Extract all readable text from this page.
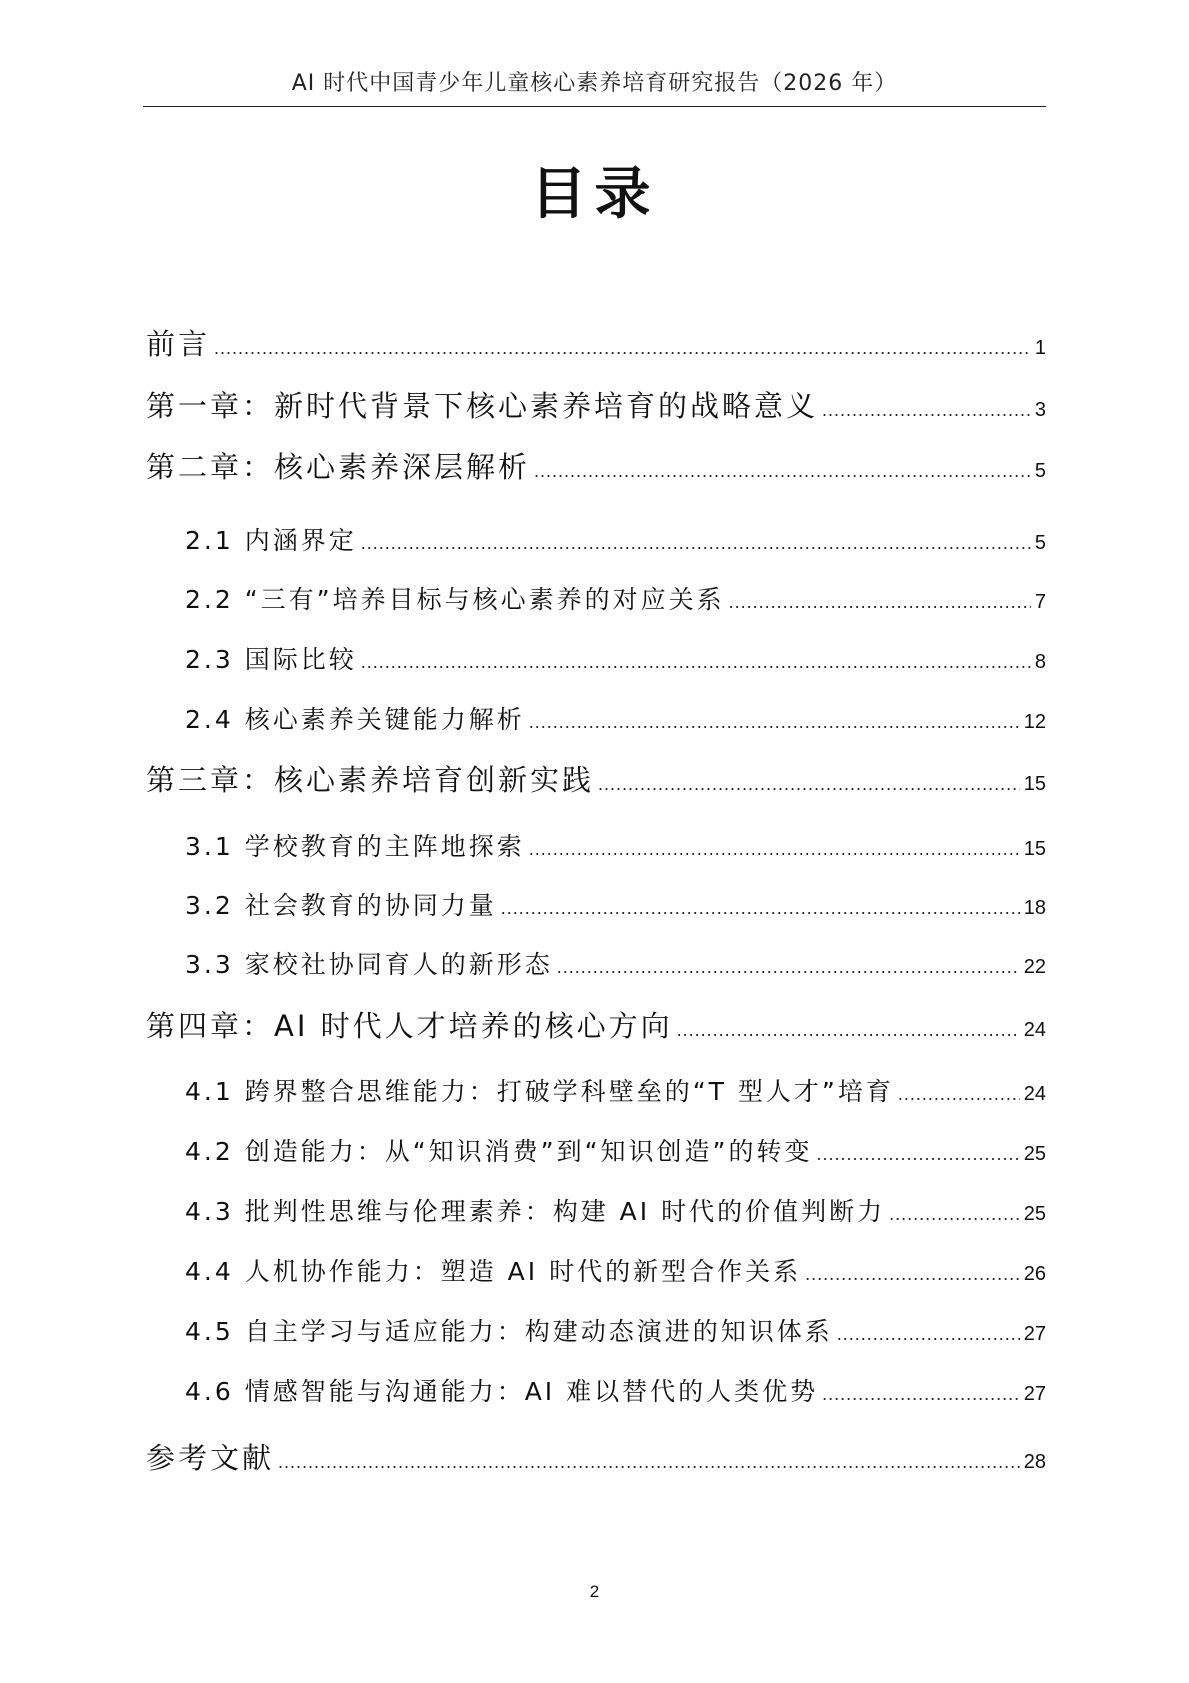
AI 时代中国青少年儿童核心素养培育研究报告（2026 年）
目录
前言 .....	1
第一章：新时代背景下核心素养培育的战略意义 .....	3
第二章：核心素养深层解析 .....	5
2.1 内涵界定 .....	5
2.2 “三有”培养目标与核心素养的对应关系 .....	7
2.3 国际比较 .....	8
2.4 核心素养关键能力解析 .....	12
第三章：核心素养培育创新实践 .....	15
3.1 学校教育的主阵地探索 .....	15
3.2 社会教育的协同力量 .....	18
3.3 家校社协同育人的新形态 .....	22
第四章：AI 时代人才培养的核心方向 .....	24
4.1 跨界整合思维能力：打破学科壁垒的“T 型人才”培育 .....	24
4.2 创造能力：从“知识消费”到“知识创造”的转变 .....	25
4.3 批判性思维与伦理素养：构建 AI 时代的价值判断力 .....	25
4.4 人机协作能力：塑造 AI 时代的新型合作关系 .....	26
4.5 自主学习与适应能力：构建动态演进的知识体系 .....	27
4.6 情感智能与沟通能力：AI 难以替代的人类优势 .....	27
参考文献 .....	28
2
